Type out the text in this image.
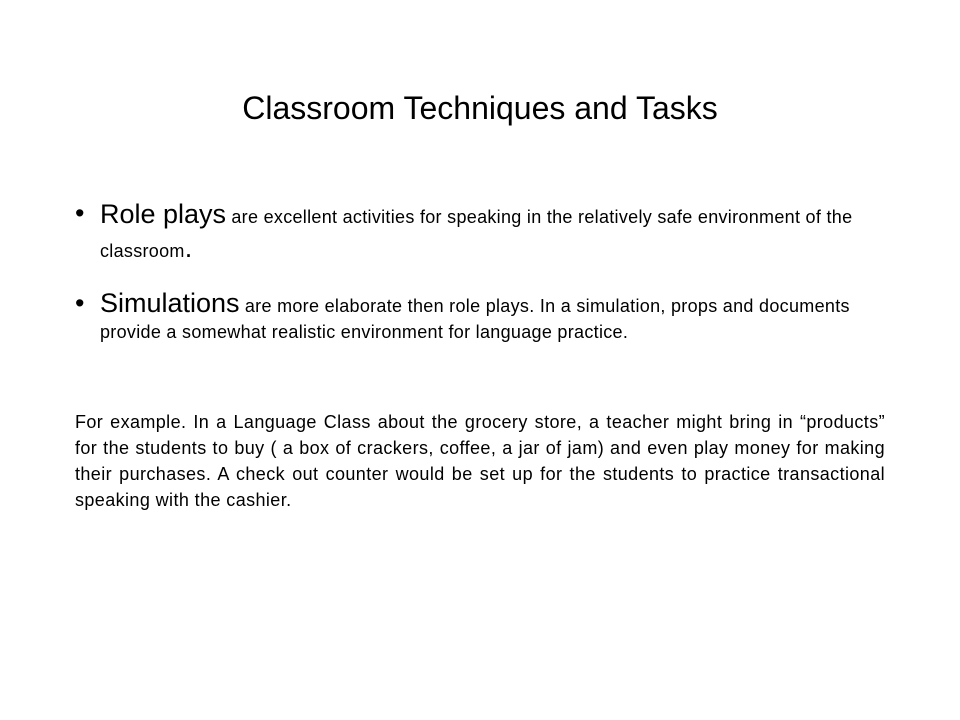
Classroom Techniques and Tasks
• Role plays are excellent activities for speaking in the relatively safe environment of the classroom.
• Simulations are more elaborate then role plays. In a simulation, props and documents provide a somewhat realistic environment for language practice.

For example. In a Language Class about the grocery store, a teacher might bring in “products” for the students to buy ( a box of crackers, coffee, a jar of jam) and even play money for making their purchases. A check out counter would be set up for the students to practice transactional speaking with the cashier.
